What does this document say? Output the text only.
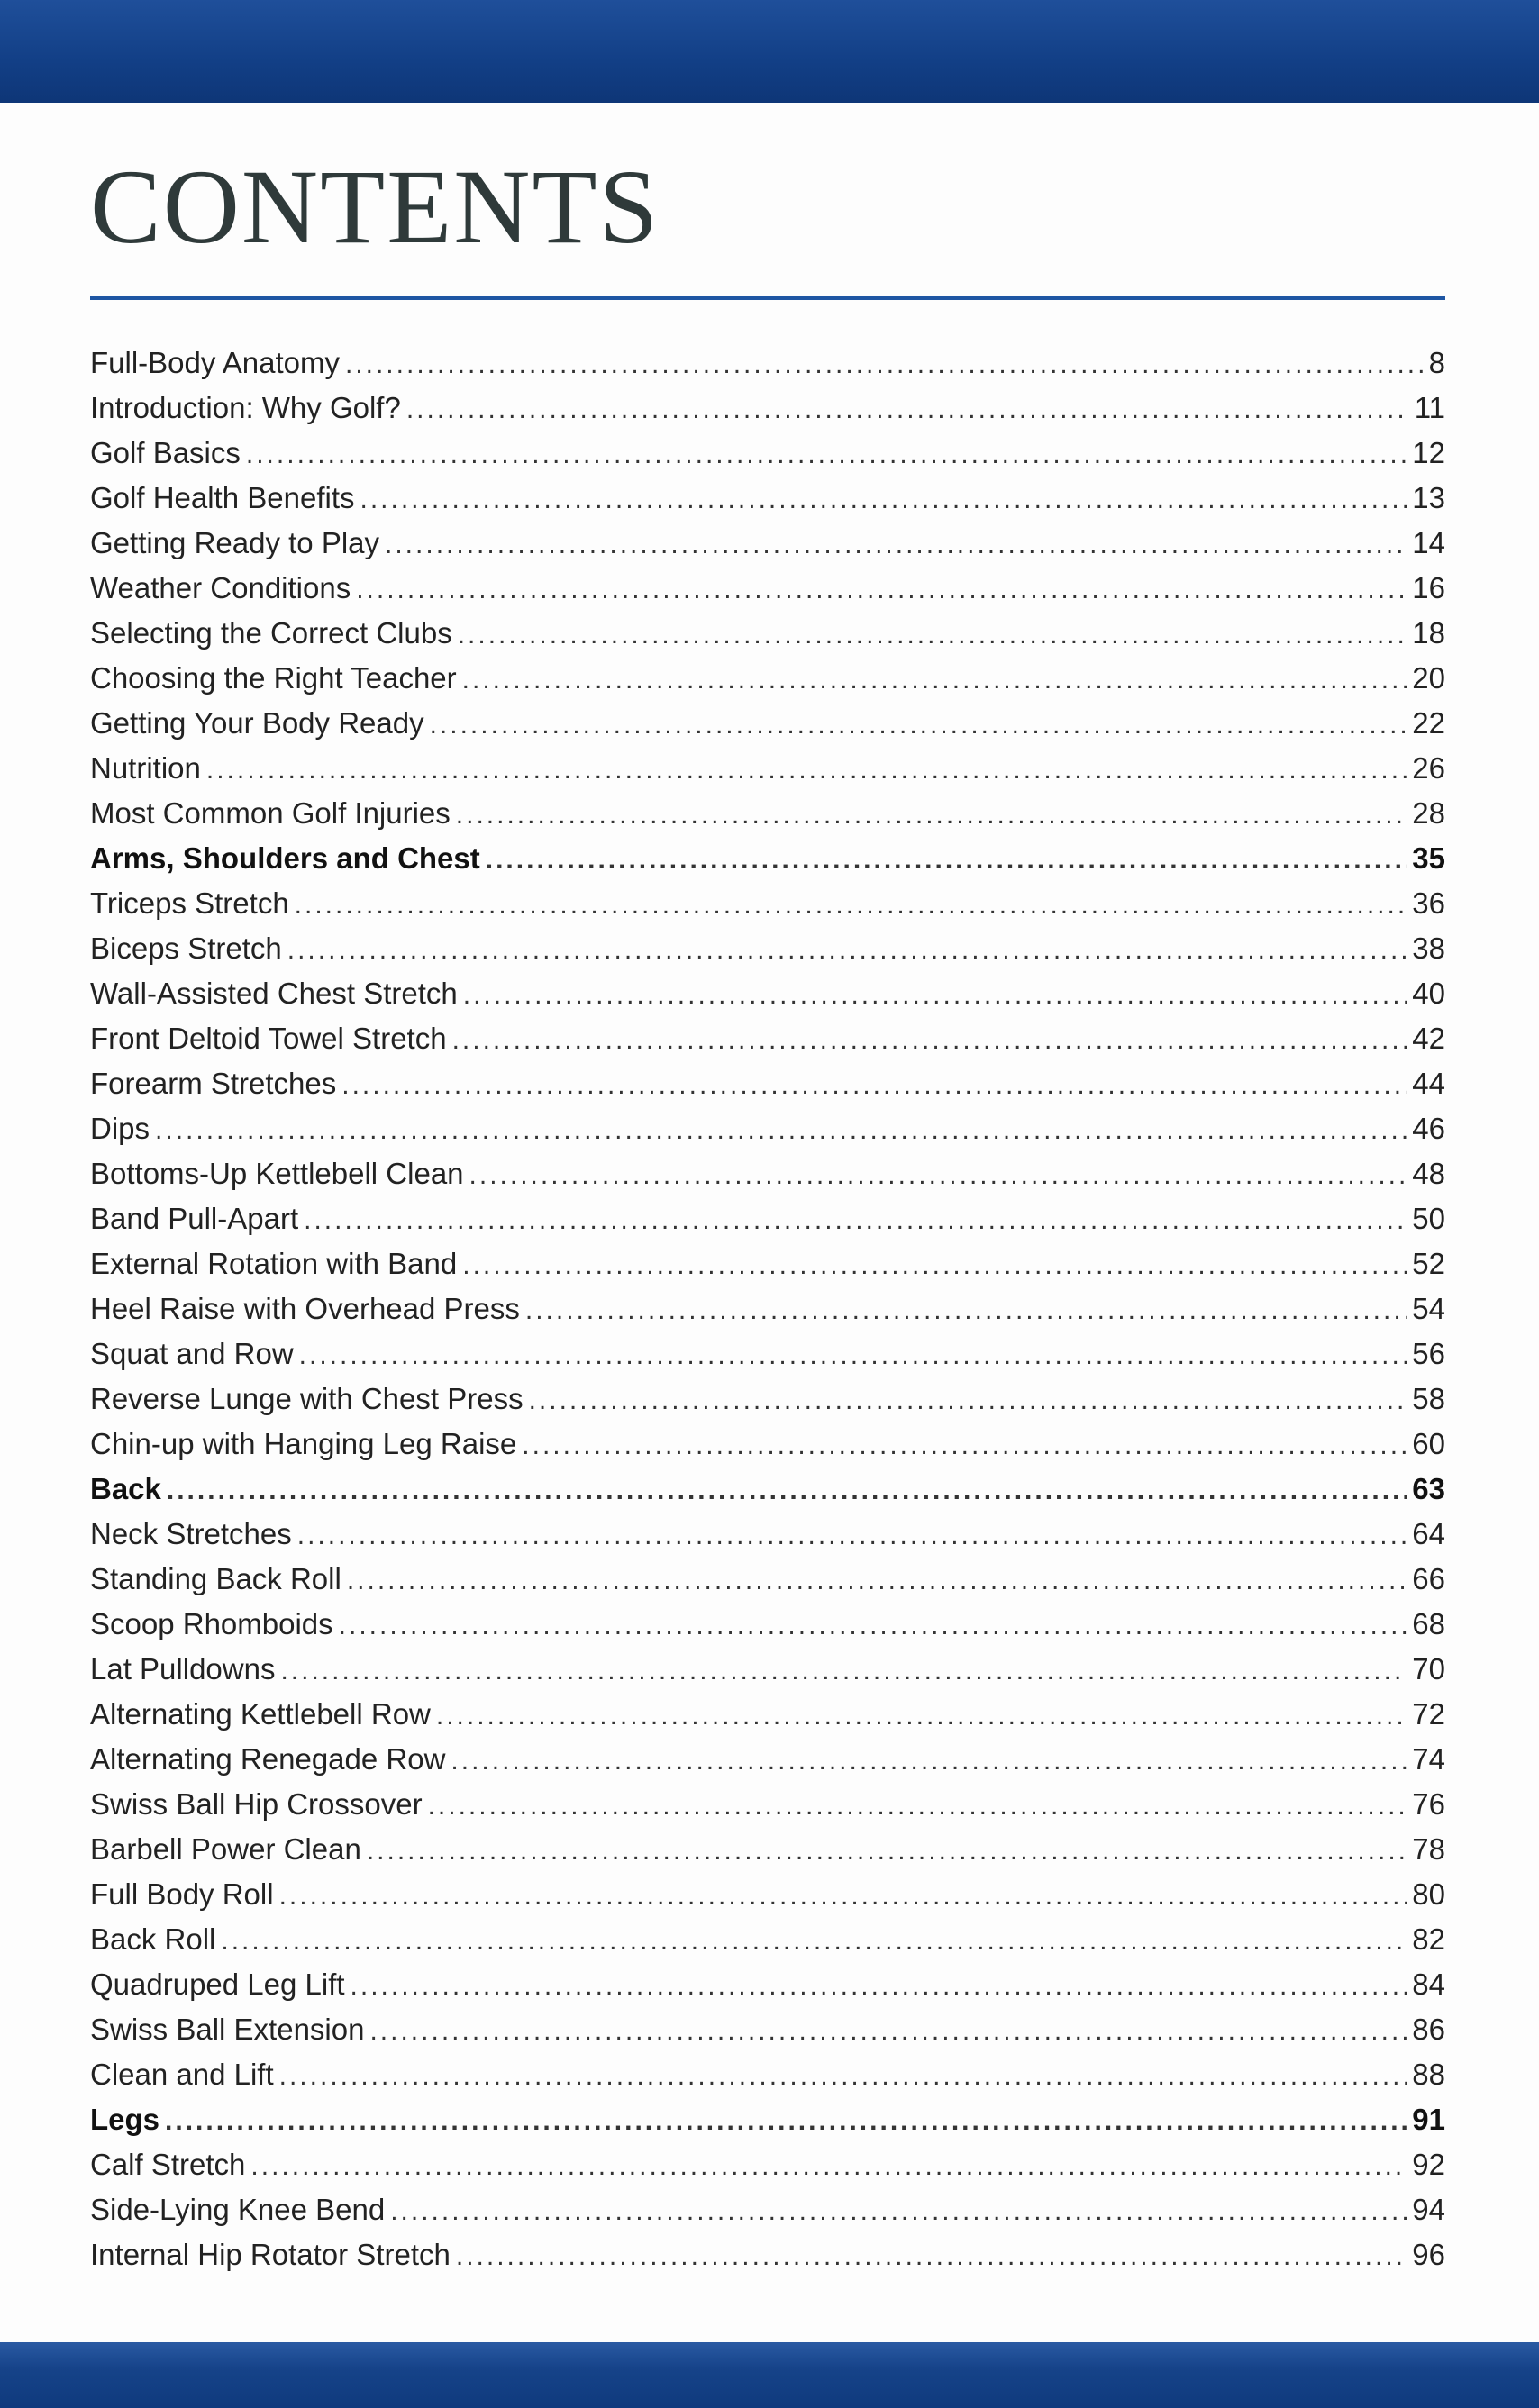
CONTENTS
Full-Body Anatomy .....	8
Introduction: Why Golf? .....	11
Golf Basics .....	12
Golf Health Benefits .....	13
Getting Ready to Play .....	14
Weather Conditions .....	16
Selecting the Correct Clubs .....	18
Choosing the Right Teacher .....	20
Getting Your Body Ready .....	22
Nutrition .....	26
Most Common Golf Injuries .....	28
Arms, Shoulders and Chest .....	35
Triceps Stretch .....	36
Biceps Stretch .....	38
Wall-Assisted Chest Stretch .....	40
Front Deltoid Towel Stretch .....	42
Forearm Stretches .....	44
Dips .....	46
Bottoms-Up Kettlebell Clean .....	48
Band Pull-Apart .....	50
External Rotation with Band .....	52
Heel Raise with Overhead Press .....	54
Squat and Row .....	56
Reverse Lunge with Chest Press .....	58
Chin-up with Hanging Leg Raise .....	60
Back .....	63
Neck Stretches .....	64
Standing Back Roll .....	66
Scoop Rhomboids .....	68
Lat Pulldowns .....	70
Alternating Kettlebell Row .....	72
Alternating Renegade Row .....	74
Swiss Ball Hip Crossover .....	76
Barbell Power Clean .....	78
Full Body Roll .....	80
Back Roll .....	82
Quadruped Leg Lift .....	84
Swiss Ball Extension .....	86
Clean and Lift .....	88
Legs .....	91
Calf Stretch .....	92
Side-Lying Knee Bend .....	94
Internal Hip Rotator Stretch .....	96
